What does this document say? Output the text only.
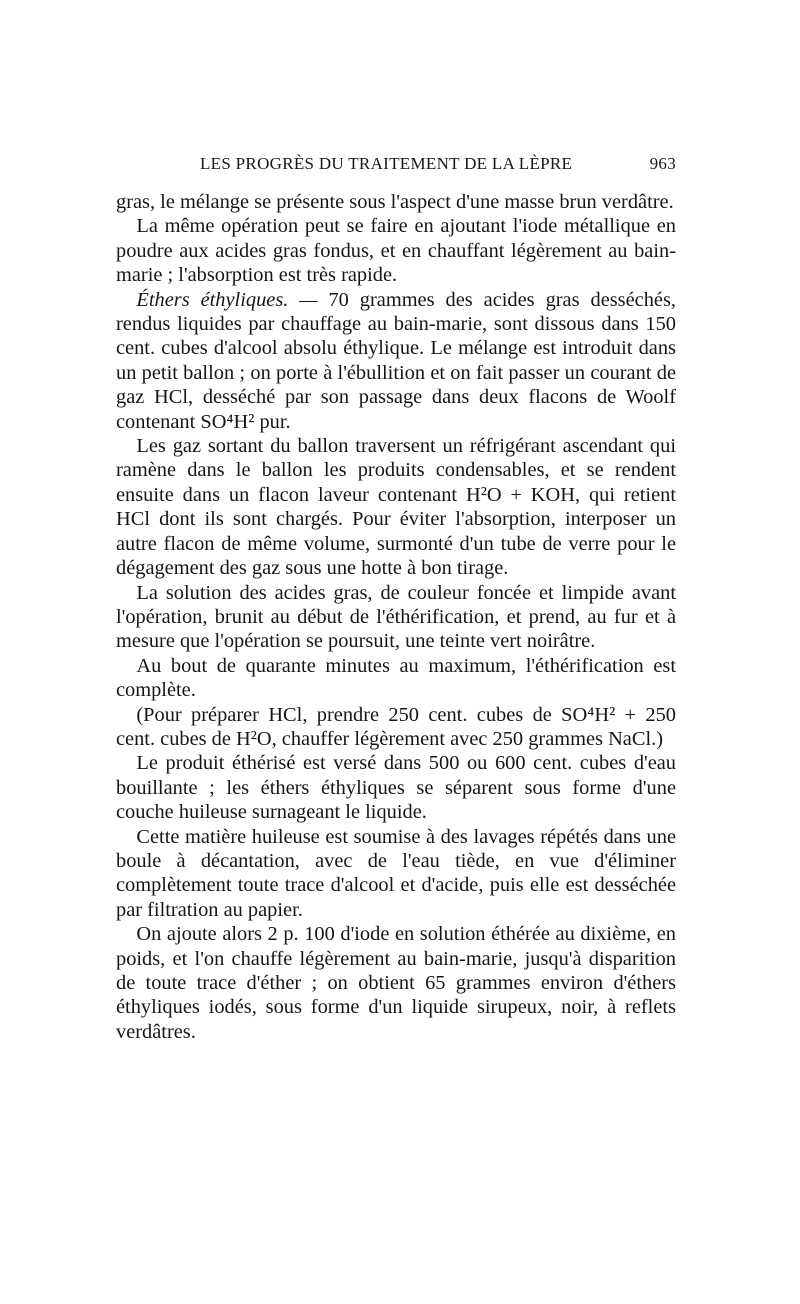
LES PROGRÈS DU TRAITEMENT DE LA LÈPRE	963

gras, le mélange se présente sous l'aspect d'une masse brun verdâtre.

La même opération peut se faire en ajoutant l'iode métallique en poudre aux acides gras fondus, et en chauffant légèrement au bain-marie ; l'absorption est très rapide.

Éthers éthyliques. — 70 grammes des acides gras desséchés, rendus liquides par chauffage au bain-marie, sont dissous dans 150 cent. cubes d'alcool absolu éthylique. Le mélange est introduit dans un petit ballon ; on porte à l'ébullition et on fait passer un courant de gaz HCl, desséché par son passage dans deux flacons de Woolf contenant SO⁴H² pur.

Les gaz sortant du ballon traversent un réfrigérant ascendant qui ramène dans le ballon les produits condensables, et se rendent ensuite dans un flacon laveur contenant H²O + KOH, qui retient HCl dont ils sont chargés. Pour éviter l'absorption, interposer un autre flacon de même volume, surmonté d'un tube de verre pour le dégagement des gaz sous une hotte à bon tirage.

La solution des acides gras, de couleur foncée et limpide avant l'opération, brunit au début de l'éthérification, et prend, au fur et à mesure que l'opération se poursuit, une teinte vert noirâtre.

Au bout de quarante minutes au maximum, l'éthérification est complète.

(Pour préparer HCl, prendre 250 cent. cubes de SO⁴H² + 250 cent. cubes de H²O, chauffer légèrement avec 250 grammes NaCl.)

Le produit éthérisé est versé dans 500 ou 600 cent. cubes d'eau bouillante ; les éthers éthyliques se séparent sous forme d'une couche huileuse surnageant le liquide.

Cette matière huileuse est soumise à des lavages répétés dans une boule à décantation, avec de l'eau tiède, en vue d'éliminer complètement toute trace d'alcool et d'acide, puis elle est desséchée par filtration au papier.

On ajoute alors 2 p. 100 d'iode en solution éthérée au dixième, en poids, et l'on chauffe légèrement au bain-marie, jusqu'à disparition de toute trace d'éther ; on obtient 65 grammes environ d'éthers éthyliques iodés, sous forme d'un liquide sirupeux, noir, à reflets verdâtres.
